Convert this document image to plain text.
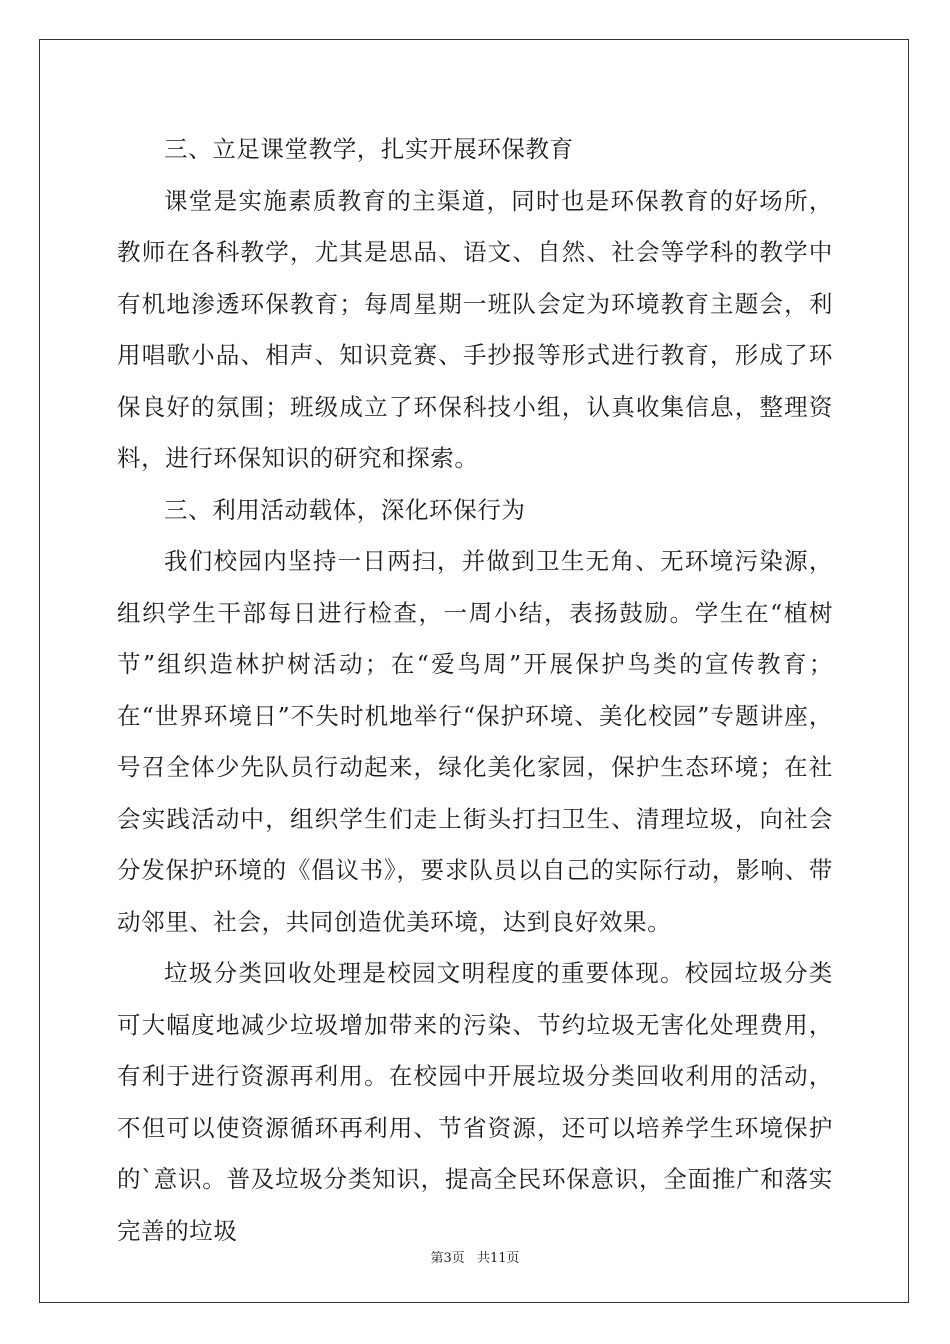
三、立足课堂教学，扎实开展环保教育

课堂是实施素质教育的主渠道，同时也是环保教育的好场所，教师在各科教学，尤其是思品、语文、自然、社会等学科的教学中有机地渗透环保教育；每周星期一班队会定为环境教育主题会，利用唱歌小品、相声、知识竞赛、手抄报等形式进行教育，形成了环保良好的氛围；班级成立了环保科技小组，认真收集信息，整理资料，进行环保知识的研究和探索。

三、利用活动载体，深化环保行为

我们校园内坚持一日两扫，并做到卫生无角、无环境污染源，组织学生干部每日进行检查，一周小结，表扬鼓励。学生在“植树节”组织造林护树活动；在“爱鸟周”开展保护鸟类的宣传教育；在“世界环境日”不失时机地举行“保护环境、美化校园”专题讲座，号召全体少先队员行动起来，绿化美化家园，保护生态环境；在社会实践活动中，组织学生们走上街头打扫卫生、清理垃圾，向社会分发保护环境的《倡议书》，要求队员以自己的实际行动，影响、带动邻里、社会，共同创造优美环境，达到良好效果。

垃圾分类回收处理是校园文明程度的重要体现。校园垃圾分类可大幅度地减少垃圾增加带来的污染、节约垃圾无害化处理费用，有利于进行资源再利用。在校园中开展垃圾分类回收利用的活动，不但可以使资源循环再利用、节省资源，还可以培养学生环境保护的`意识。普及垃圾分类知识，提高全民环保意识，全面推广和落实完善的垃圾

第3页 共11页
